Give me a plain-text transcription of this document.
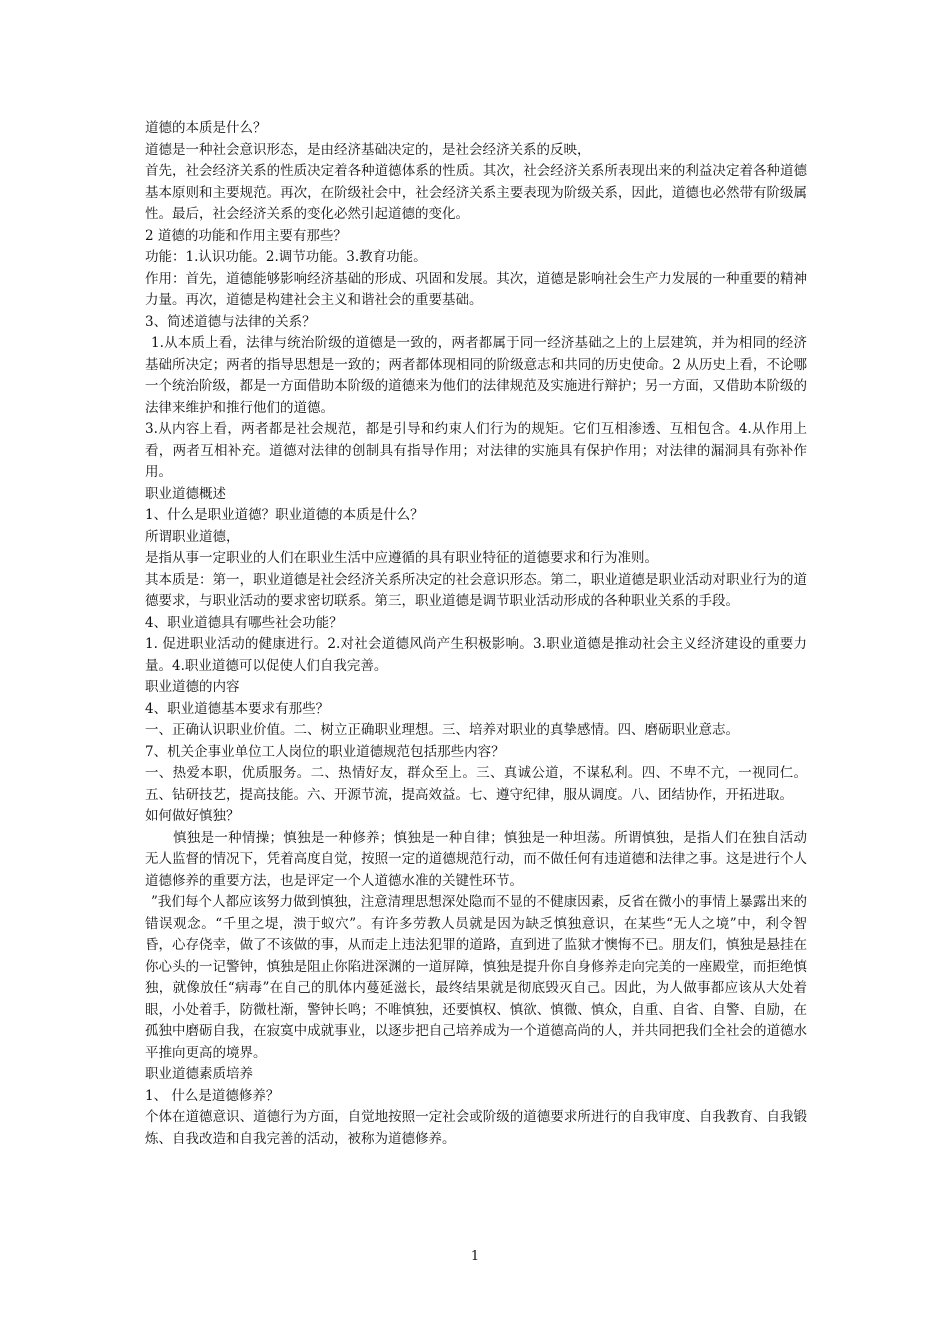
道德的本质是什么？

道德是一种社会意识形态，是由经济基础决定的，是社会经济关系的反映，

首先，社会经济关系的性质决定着各种道德体系的性质。其次，社会经济关系所表现出来的利益决定着各种道德基本原则和主要规范。再次，在阶级社会中，社会经济关系主要表现为阶级关系，因此，道德也必然带有阶级属性。最后，社会经济关系的变化必然引起道德的变化。

2 道德的功能和作用主要有那些？

功能：1.认识功能。2.调节功能。3.教育功能。

作用：首先，道德能够影响经济基础的形成、巩固和发展。其次，道德是影响社会生产力发展的一种重要的精神力量。再次，道德是构建社会主义和谐社会的重要基础。

3、简述道德与法律的关系？

1.从本质上看，法律与统治阶级的道德是一致的，两者都属于同一经济基础之上的上层建筑，并为相同的经济基础所决定；两者的指导思想是一致的；两者都体现相同的阶级意志和共同的历史使命。2 从历史上看，不论哪一个统治阶级，都是一方面借助本阶级的道德来为他们的法律规范及实施进行辩护；另一方面，又借助本阶级的法律来维护和推行他们的道德。

3.从内容上看，两者都是社会规范，都是引导和约束人们行为的规矩。它们互相渗透、互相包含。4.从作用上看，两者互相补充。道德对法律的创制具有指导作用；对法律的实施具有保护作用；对法律的漏洞具有弥补作用。

职业道德概述

1、什么是职业道德？职业道德的本质是什么？

所谓职业道德，

是指从事一定职业的人们在职业生活中应遵循的具有职业特征的道德要求和行为准则。

其本质是：第一，职业道德是社会经济关系所决定的社会意识形态。第二，职业道德是职业活动对职业行为的道德要求，与职业活动的要求密切联系。第三，职业道德是调节职业活动形成的各种职业关系的手段。

4、职业道德具有哪些社会功能？

1. 促进职业活动的健康进行。2.对社会道德风尚产生积极影响。3.职业道德是推动社会主义经济建设的重要力量。4.职业道德可以促使人们自我完善。

职业道德的内容

4、职业道德基本要求有那些？

一、正确认识职业价值。二、树立正确职业理想。三、培养对职业的真挚感情。四、磨砺职业意志。

7、机关企事业单位工人岗位的职业道德规范包括那些内容？

一、热爱本职，优质服务。二、热情好友，群众至上。三、真诚公道，不谋私利。四、不卑不亢，一视同仁。五、钻研技艺，提高技能。六、开源节流，提高效益。七、遵守纪律，服从调度。八、团结协作，开拓进取。

如何做好慎独？

慎独是一种情操；慎独是一种修养；慎独是一种自律；慎独是一种坦荡。所谓慎独，是指人们在独自活动无人监督的情况下，凭着高度自觉，按照一定的道德规范行动，而不做任何有违道德和法律之事。这是进行个人道德修养的重要方法，也是评定一个人道德水准的关键性环节。

”我们每个人都应该努力做到慎独，注意清理思想深处隐而不显的不健康因素，反省在微小的事情上暴露出来的错误观念。“千里之堤，溃于蚁穴”。有许多劳教人员就是因为缺乏慎独意识，在某些“无人之境”中，利令智昏，心存侥幸，做了不该做的事，从而走上违法犯罪的道路，直到进了监狱才懊悔不已。朋友们，慎独是悬挂在你心头的一记警钟，慎独是阻止你陷进深渊的一道屏障，慎独是提升你自身修养走向完美的一座殿堂，而拒绝慎独，就像放任“病毒”在自己的肌体内蔓延滋长，最终结果就是彻底毁灭自己。因此，为人做事都应该从大处着眼，小处着手，防微杜渐，警钟长鸣；不唯慎独，还要慎权、慎欲、慎微、慎众，自重、自省、自警、自励，在孤独中磨砺自我，在寂寞中成就事业，以逐步把自己培养成为一个道德高尚的人，并共同把我们全社会的道德水平推向更高的境界。

职业道德素质培养

1、 什么是道德修养？

个体在道德意识、道德行为方面，自觉地按照一定社会或阶级的道德要求所进行的自我审度、自我教育、自我锻炼、自我改造和自我完善的活动，被称为道德修养。

1
